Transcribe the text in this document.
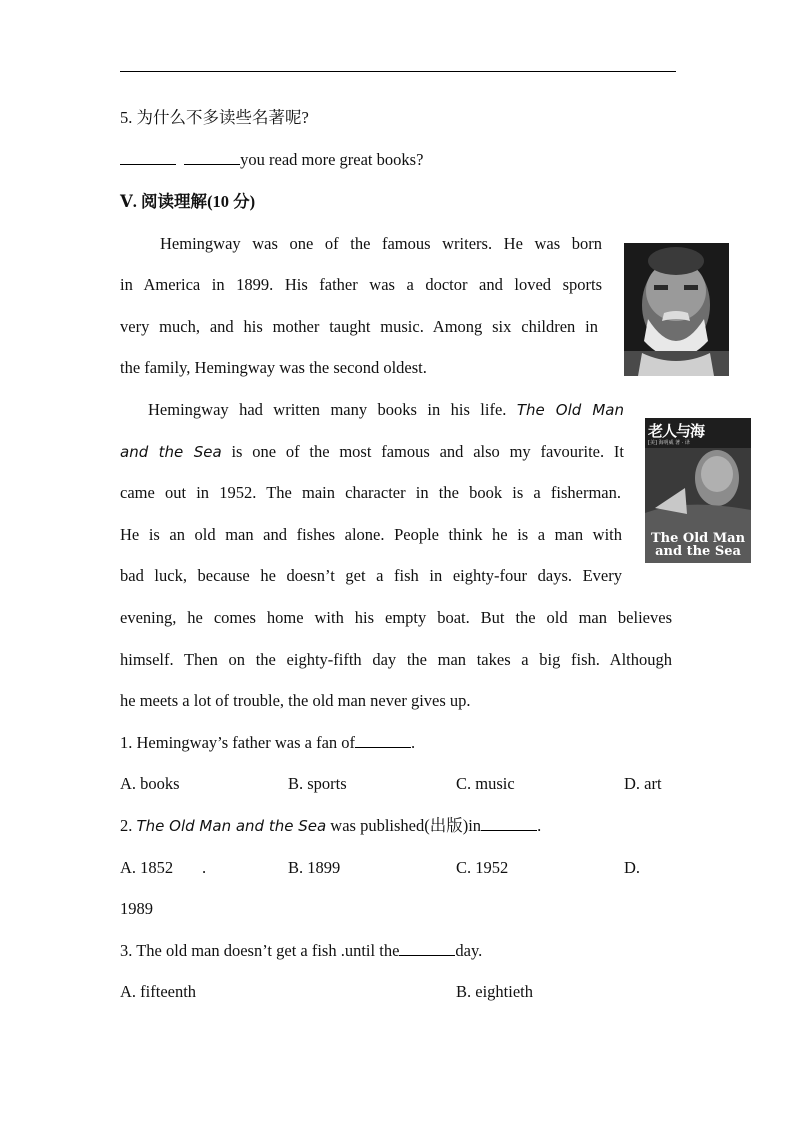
5. 为什么不多读些名著呢?
you read more great books?
Ⅴ. 阅读理解(10 分)
Hemingway was one of the famous writers. He was born
in America in 1899. His father was a doctor and loved sports
very much, and his mother taught music. Among six children in
the family, Hemingway was the second oldest.
Hemingway had written many books in his life. The Old Man
and the Sea is one of the most famous and also my favourite. It
came out in 1952. The main character in the book is a fisherman.
He is an old man and fishes alone. People think he is a man with
bad luck, because he doesn’t get a fish in eighty-four days. Every
evening, he comes home with his empty boat. But the old man believes
himself. Then on the eighty-fifth day the man takes a big fish. Although
he meets a lot of trouble, the old man never gives up.
老人与海
[美] 海明威 著 · 译
The Old Man
and the Sea
1. Hemingway’s father was a fan of	.
A. books	B. sports	C. music	D. art
2. The Old Man and the Sea was published(出版)in	.
A. 1852 .	B. 1899	C. 1952	D.
1989
3. The old man doesn’t get a fish .until the	day.
A. fifteenth	B. eightieth
